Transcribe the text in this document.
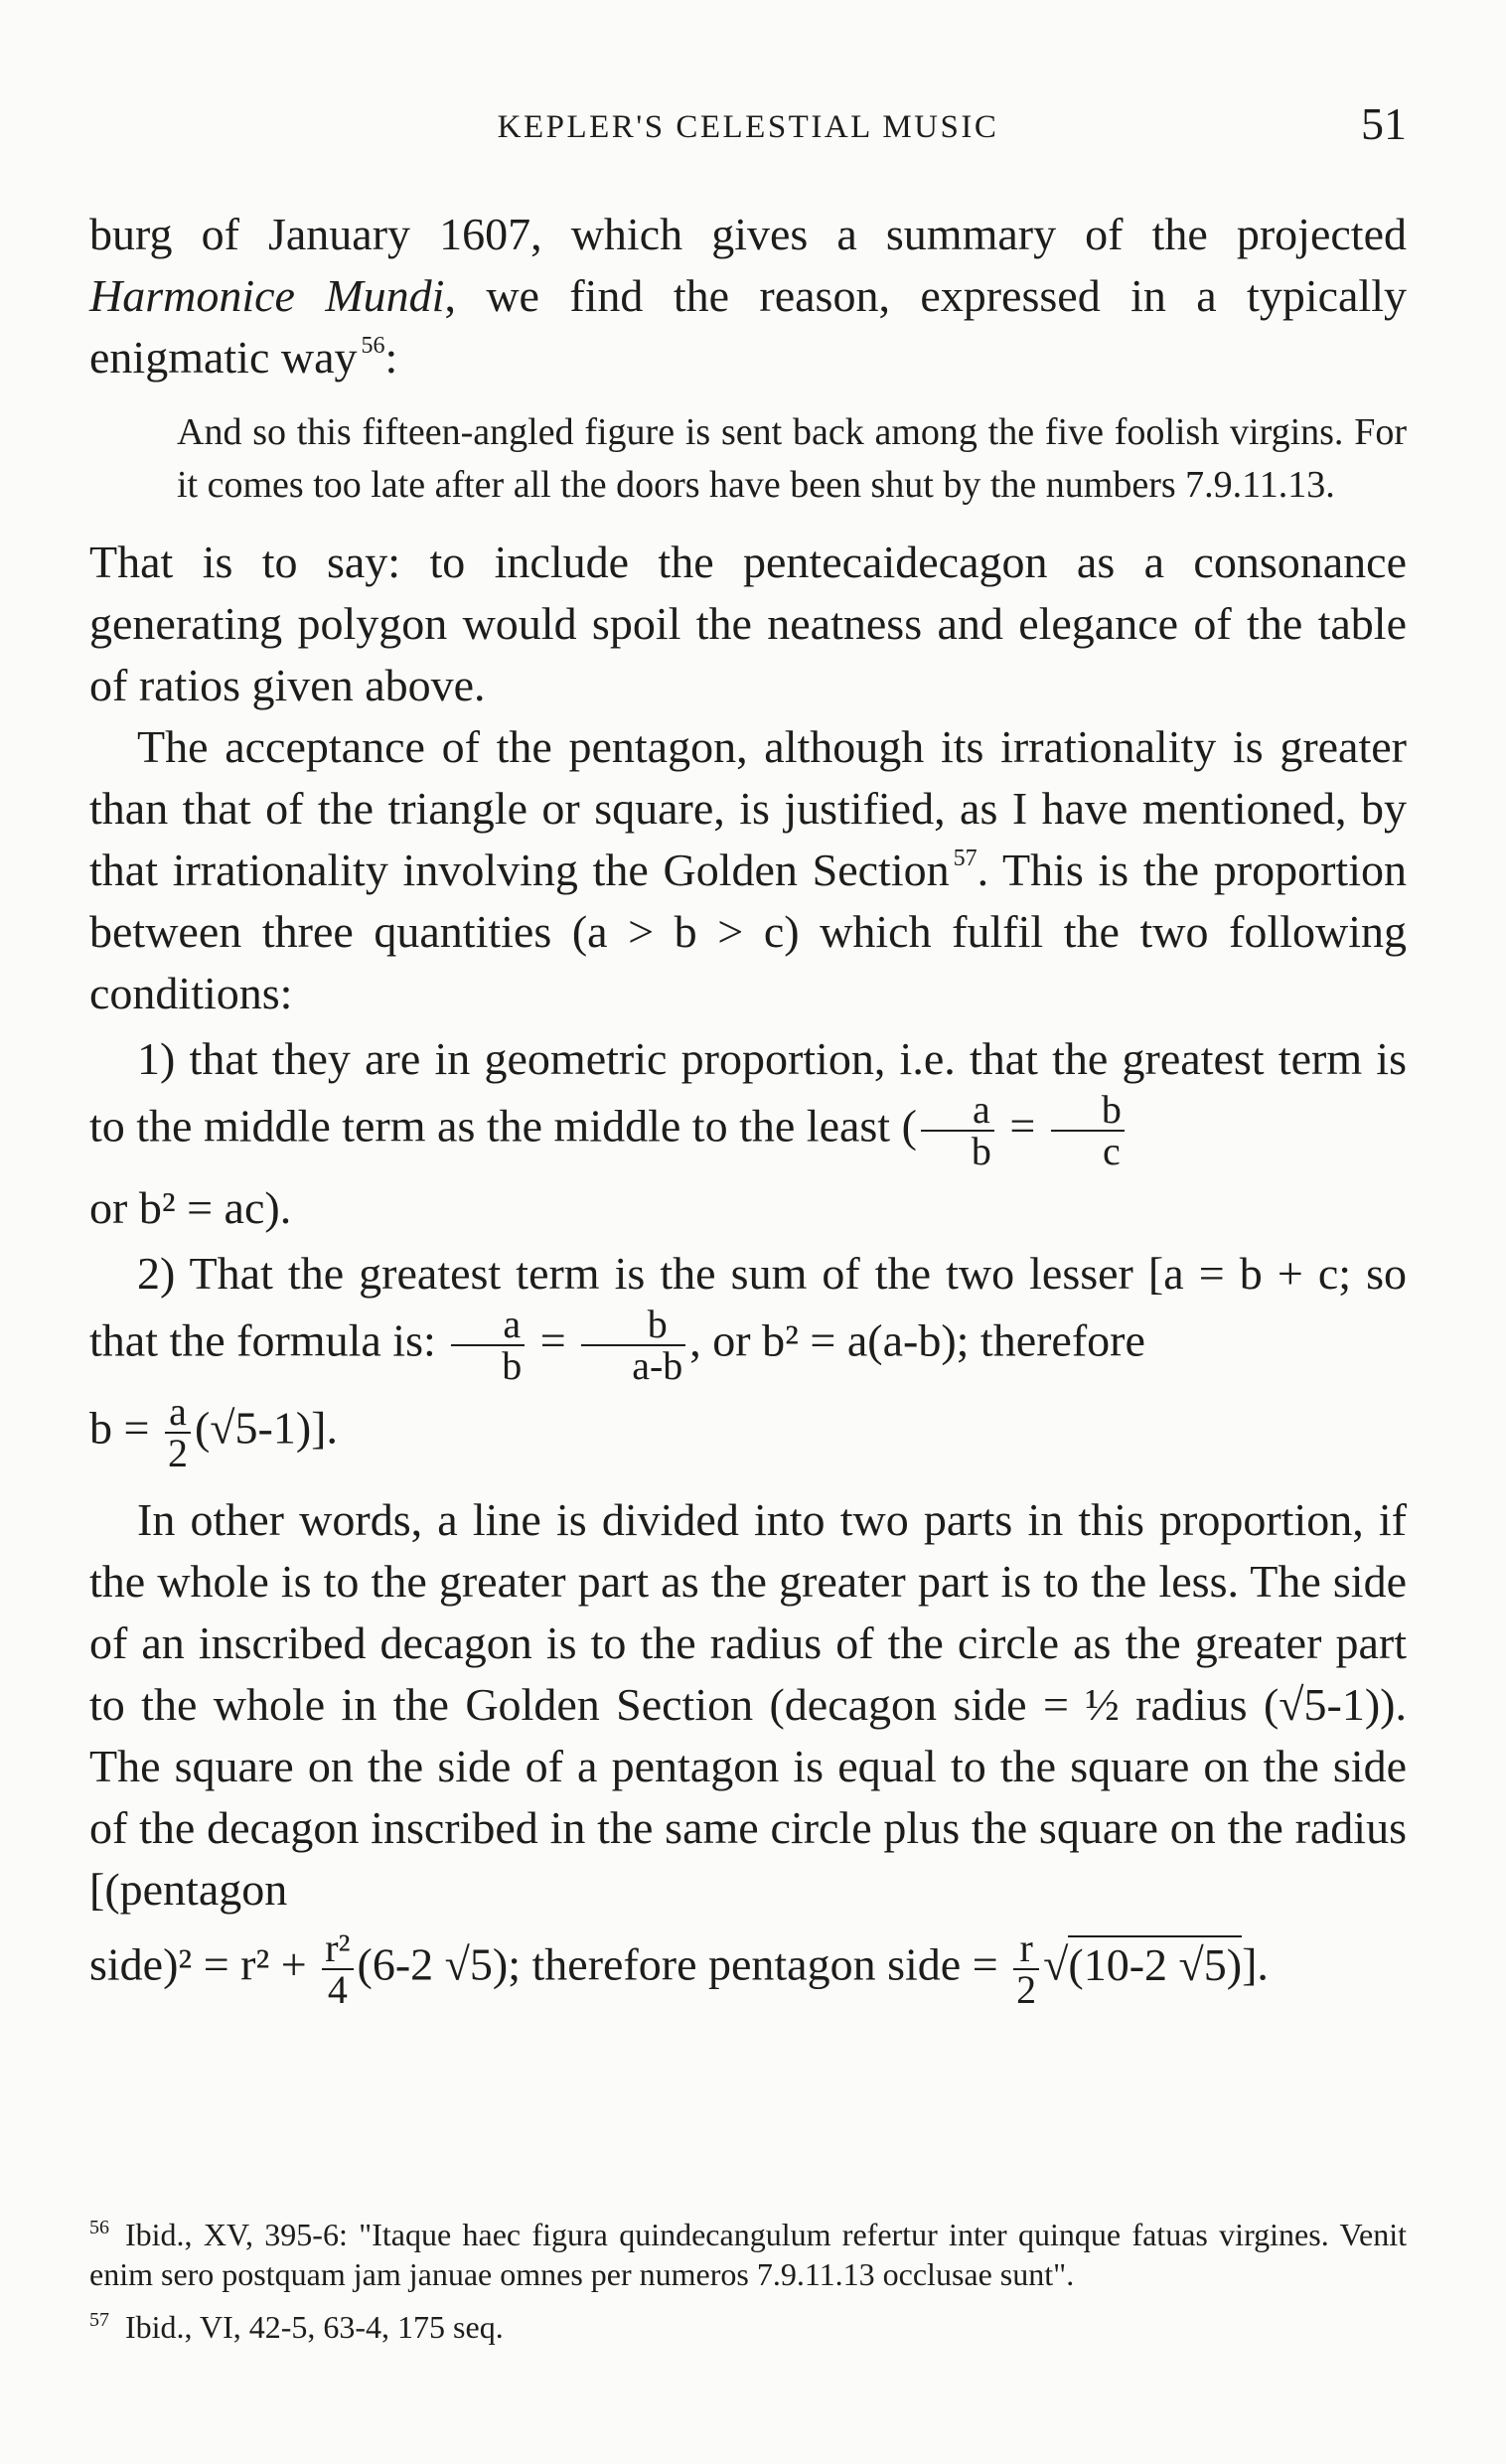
KEPLER'S CELESTIAL MUSIC	51

burg of January 1607, which gives a summary of the projected Harmonice Mundi, we find the reason, expressed in a typically enigmatic way $^{56}$:

And so this fifteen-angled figure is sent back among the five foolish virgins. For it comes too late after all the doors have been shut by the numbers 7.9.11.13.

That is to say: to include the pentecaidecagon as a consonance generating polygon would spoil the neatness and elegance of the table of ratios given above.

The acceptance of the pentagon, although its irrationality is greater than that of the triangle or square, is justified, as I have mentioned, by that irrationality involving the Golden Section $^{57}$. This is the proportion between three quantities (a > b > c) which fulfil the two following conditions:

1) that they are in geometric proportion, i.e. that the greatest term is to the middle term as the middle to the least ( $\frac{a}{b} = \frac{b}{c}$

or b² = ac).

2) That the greatest term is the sum of the two lesser [a = b + c; so that the formula is: $\frac{a}{b} = \frac{b}{a-b}$ , or b² = a(a-b); therefore

$b = \frac{a}{2} (√5-1)$].

In other words, a line is divided into two parts in this proportion, if the whole is to the greater part as the greater part is to the less. The side of an inscribed decagon is to the radius of the circle as the greater part to the whole in the Golden Section (decagon side = ½ radius (√5-1)). The square on the side of a pentagon is equal to the square on the side of the decagon inscribed in the same circle plus the square on the radius [(pentagon

side)² = $r^2 + \frac{\text{r²}}{4} (6-2$ √5); therefore pentagon side = $\frac{r}{2} √(10-2$ √5)].

$^{56}$ Ibid., XV, 395-6: "Itaque haec figura quindecangulum refertur inter quinque fatuas virgines. Venit enim sero postquam jam januae omnes per numeros 7.9.11.13 occlusae sunt".

$^{57}$ Ibid., VI, 42-5, 63-4, 175 seq.
